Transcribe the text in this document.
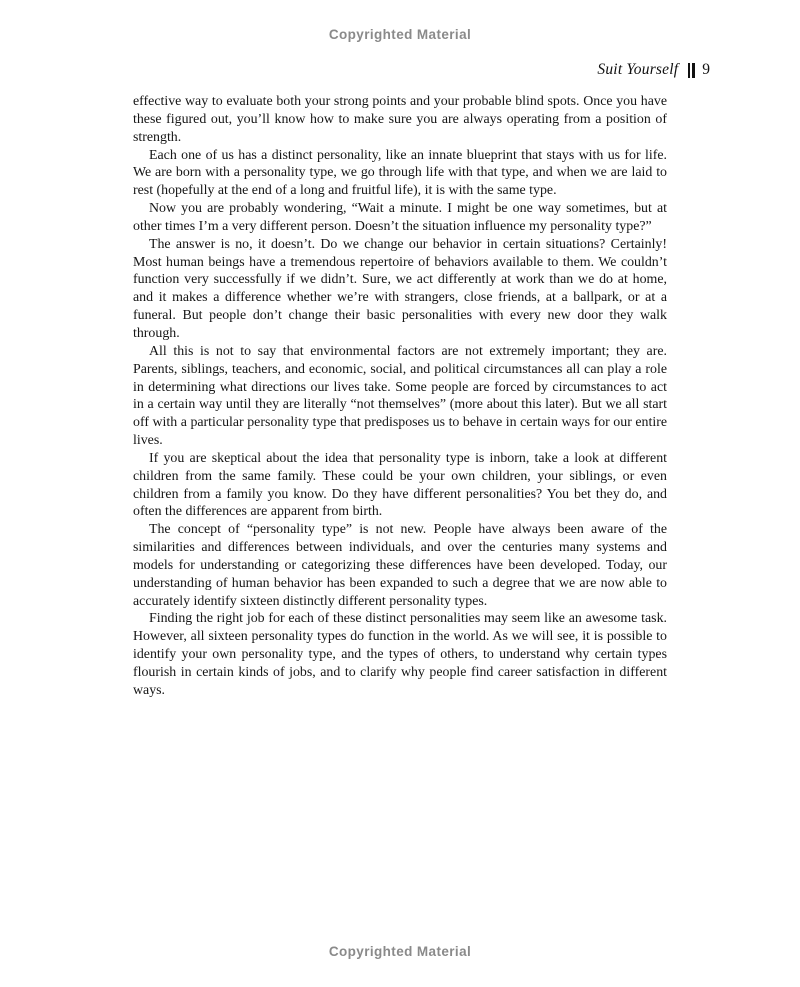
Copyrighted Material
Suit Yourself 9

effective way to evaluate both your strong points and your probable blind spots. Once you have these figured out, you’ll know how to make sure you are always operating from a position of strength.

Each one of us has a distinct personality, like an innate blueprint that stays with us for life. We are born with a personality type, we go through life with that type, and when we are laid to rest (hopefully at the end of a long and fruitful life), it is with the same type.

Now you are probably wondering, “Wait a minute. I might be one way sometimes, but at other times I’m a very different person. Doesn’t the situation influence my personality type?”

The answer is no, it doesn’t. Do we change our behavior in certain situations? Certainly! Most human beings have a tremendous repertoire of behaviors available to them. We couldn’t function very successfully if we didn’t. Sure, we act differently at work than we do at home, and it makes a difference whether we’re with strangers, close friends, at a ballpark, or at a funeral. But people don’t change their basic personalities with every new door they walk through.

All this is not to say that environmental factors are not extremely important; they are. Parents, siblings, teachers, and economic, social, and political circumstances all can play a role in determining what directions our lives take. Some people are forced by circumstances to act in a certain way until they are literally “not themselves” (more about this later). But we all start off with a particular personality type that predisposes us to behave in certain ways for our entire lives.

If you are skeptical about the idea that personality type is inborn, take a look at different children from the same family. These could be your own children, your siblings, or even children from a family you know. Do they have different personalities? You bet they do, and often the differences are apparent from birth.

The concept of “personality type” is not new. People have always been aware of the similarities and differences between individuals, and over the centuries many systems and models for understanding or categorizing these differences have been developed. Today, our understanding of human behavior has been expanded to such a degree that we are now able to accurately identify sixteen distinctly different personality types.

Finding the right job for each of these distinct personalities may seem like an awesome task. However, all sixteen personality types do function in the world. As we will see, it is possible to identify your own personality type, and the types of others, to understand why certain types flourish in certain kinds of jobs, and to clarify why people find career satisfaction in different ways.

Copyrighted Material
